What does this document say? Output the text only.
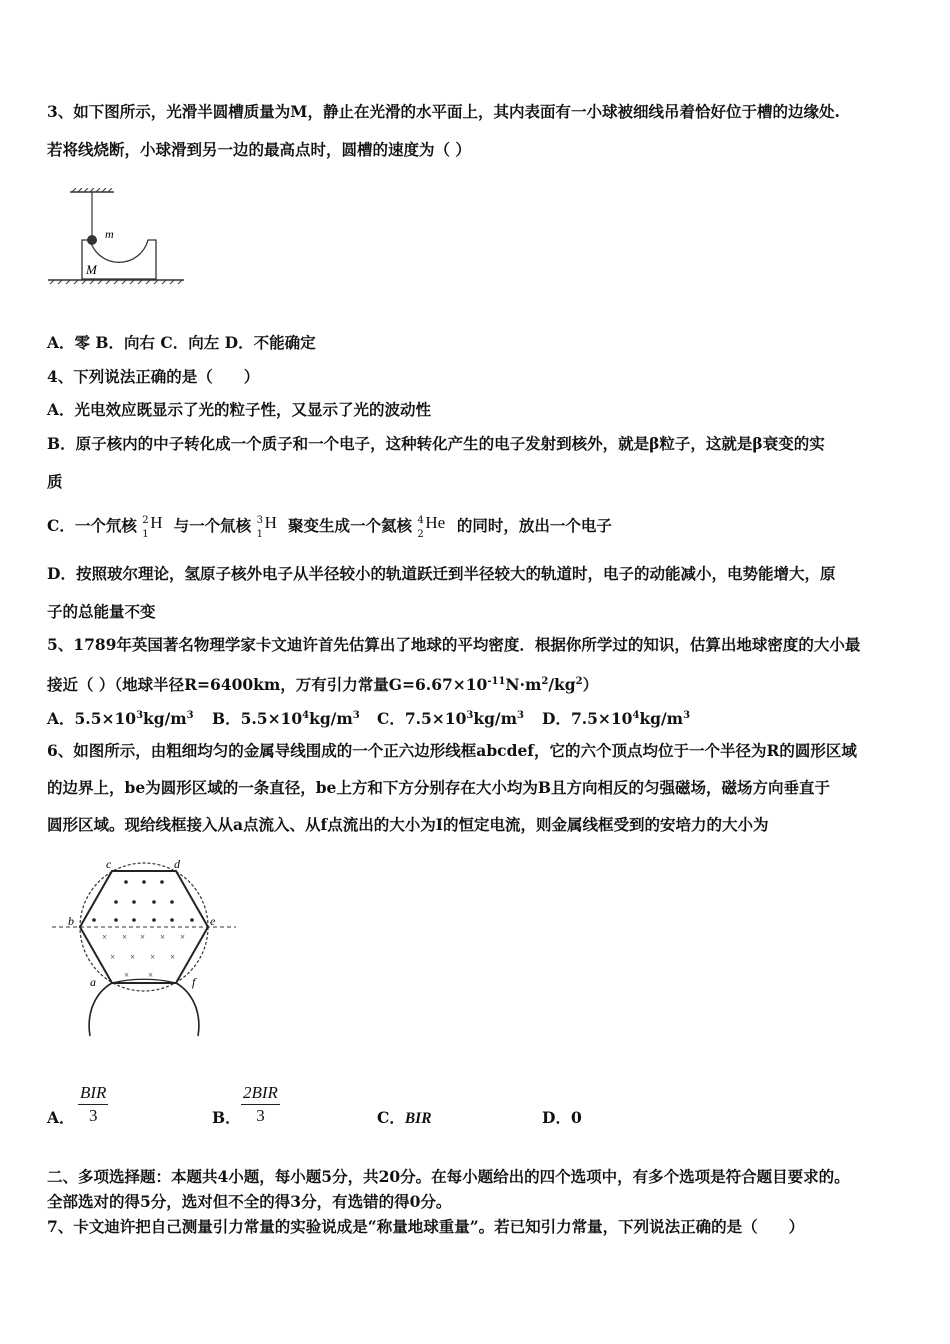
3、如下图所示，光滑半圆槽质量为M，静止在光滑的水平面上，其内表面有一小球被细线吊着恰好位于槽的边缘处.
若将线烧断，小球滑到另一边的最高点时，圆槽的速度为（ ）
m
M
A．零 B．向右 C．向左 D．不能确定
4、下列说法正确的是（　　）
A．光电效应既显示了光的粒子性，又显示了光的波动性
B．原子核内的中子转化成一个质子和一个电子，这种转化产生的电子发射到核外，就是β粒子，这就是β衰变的实
质
C．一个氘核 2
1
H 与一个氚核 3
1
H 聚变生成一个氦核 4
2
He 的同时，放出一个电子
D．按照玻尔理论，氢原子核外电子从半径较小的轨道跃迁到半径较大的轨道时，电子的动能减小，电势能增大，原
子的总能量不变
5、1789年英国著名物理学家卡文迪许首先估算出了地球的平均密度．根据你所学过的知识，估算出地球密度的大小最
接近（ ）（地球半径R=6400km，万有引力常量$G=6.67\times 10^{-11}N\cdot m^2/kg^2$）
A．$5.5\times 10^3kg/m^3$ B．$5.5\times 10^4kg/m^3$ C．$7.5\times 10^3kg/m^3$ D．$7.5\times 10^4kg/m^3$
6、如图所示，由粗细均匀的金属导线围成的一个正六边形线框abcdef，它的六个顶点均位于一个半径为R的圆形区域
的边界上，be为圆形区域的一条直径，be上方和下方分别存在大小均为B且方向相反的匀强磁场，磁场方向垂直于
圆形区域。现给线框接入从a点流入、从f点流出的大小为I的恒定电流，则金属线框受到的安培力的大小为
× × × × ×
× × × ×
× ×
b
c	d
e
a	f
A．
BIR
3	B．
2BIR
3	C．BIR	D．0
二、多项选择题：本题共4小题，每小题5分，共20分。在每小题给出的四个选项中，有多个选项是符合题目要求的。
全部选对的得5分，选对但不全的得3分，有选错的得0分。
7、卡文迪许把自己测量引力常量的实验说成是“称量地球重量”。若已知引力常量，下列说法正确的是（　　）
